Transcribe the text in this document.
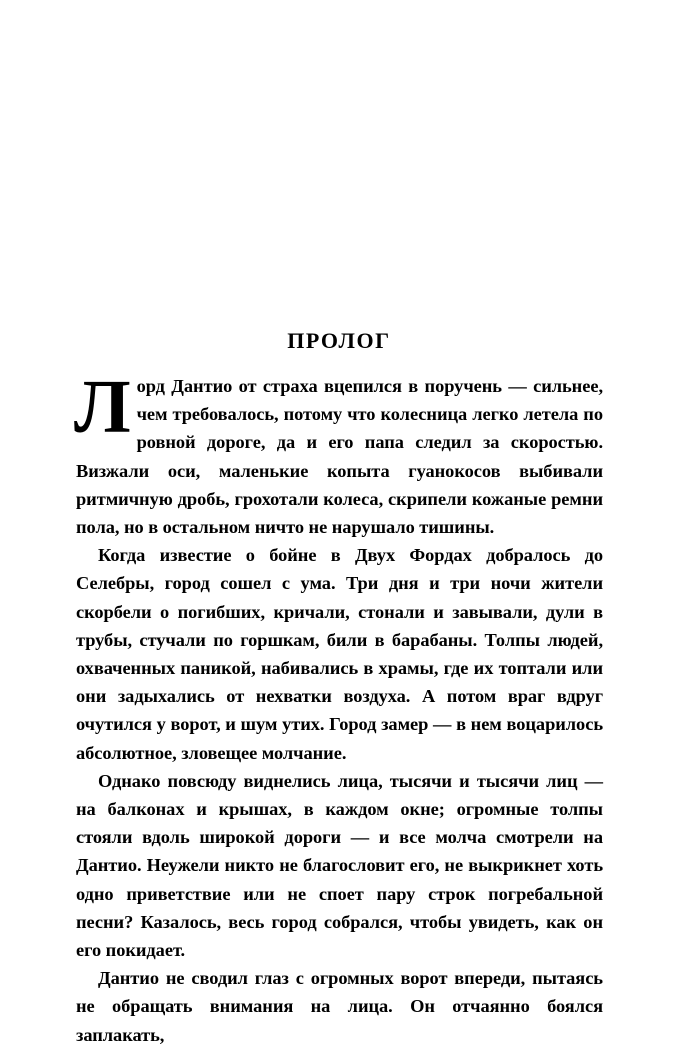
ПРОЛОГ

Лорд Дантио от страха вцепился в поручень — сильнее, чем требовалось, потому что колесница легко летела по ровной дороге, да и его папа следил за скоростью. Визжали оси, маленькие копыта гуанокосов выбивали ритмичную дробь, грохотали колеса, скрипели кожаные ремни пола, но в остальном ничто не нарушало тишины.

Когда известие о бойне в Двух Фордах добралось до Селебры, город сошел с ума. Три дня и три ночи жители скорбели о погибших, кричали, стонали и завывали, дули в трубы, стучали по горшкам, били в барабаны. Толпы людей, охваченных паникой, набивались в храмы, где их топтали или они задыхались от нехватки воздуха. А потом враг вдруг очутился у ворот, и шум утих. Город замер — в нем воцарилось абсолютное, зловещее молчание.

Однако повсюду виднелись лица, тысячи и тысячи лиц — на балконах и крышах, в каждом окне; огромные толпы стояли вдоль широкой дороги — и все молча смотрели на Дантио. Неужели никто не благословит его, не выкрикнет хоть одно приветствие или не споет пару строк погребальной песни? Казалось, весь город собрался, чтобы увидеть, как он его покидает.

Дантио не сводил глаз с огромных ворот впереди, пытаясь не обращать внимания на лица. Он отчаянно боялся заплакать,
